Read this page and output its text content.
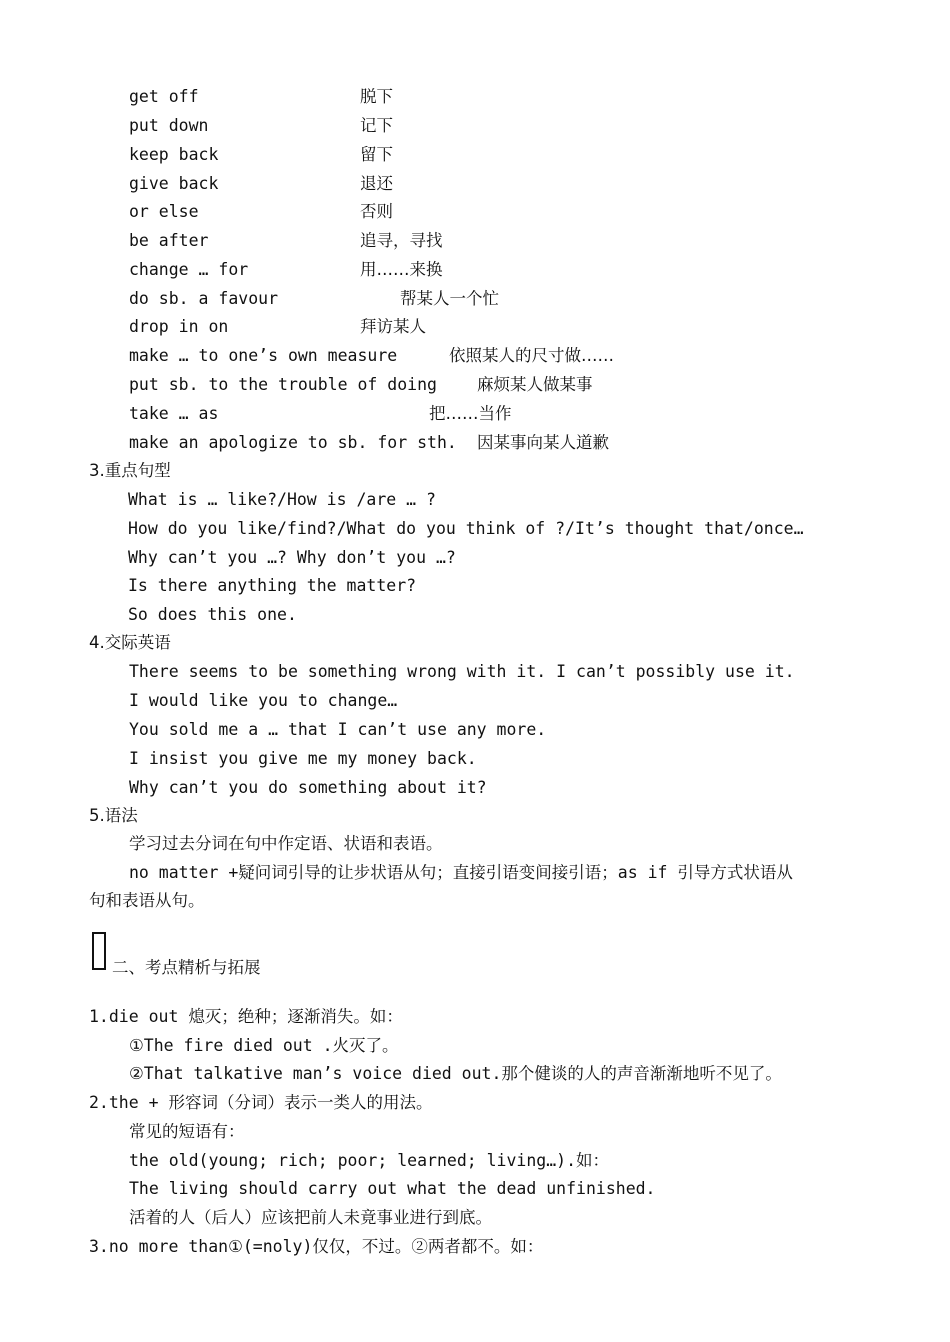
get off	脱下
put down	记下
keep back	留下
give back	退还
or else	否则
be after	追寻，寻找
change … for	用……来换
do sb. a favour	帮某人一个忙
drop in on	拜访某人
make … to one’s own measure	依照某人的尺寸做……
put sb. to the trouble of doing 麻烦某人做某事
take … as	把……当作
make an apologize to sb. for sth. 因某事向某人道歉
3.重点句型
What is … like?/How is /are … ?
How do you like/find?/What do you think of ?/It’s thought that/once…
Why can’t you …? Why don’t you …?
Is there anything the matter?
So does this one.
4.交际英语
There seems to be something wrong with it. I can’t possibly use it.
I would like you to change…
You sold me a … that I can’t use any more.
I insist you give me my money back.
Why can’t you do something about it?
5.语法
学习过去分词在句中作定语、状语和表语。
no matter +疑问词引导的让步状语从句；直接引语变间接引语；as if 引导方式状语从
句和表语从句。
二、考点精析与拓展
1.die out 熄灭；绝种；逐渐消失。如：
①The fire died out .火灭了。
②That talkative man’s voice died out.那个健谈的人的声音渐渐地听不见了。
2.the + 形容词（分词）表示一类人的用法。
常见的短语有：
the old(young; rich; poor; learned; living…).如：
The living should carry out what the dead unfinished.
活着的人（后人）应该把前人未竟事业进行到底。
3.no more than①(=noly)仅仅，不过。②两者都不。如：
